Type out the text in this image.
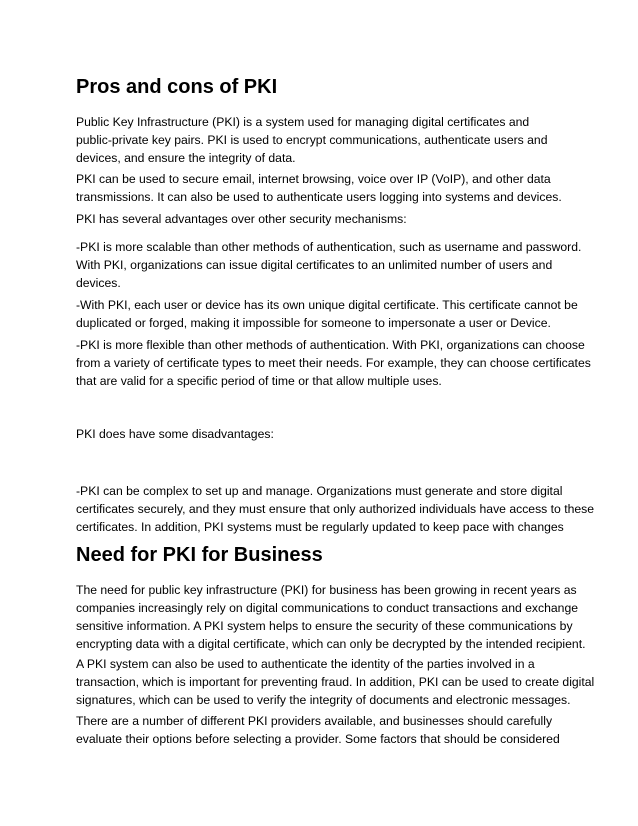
Pros and cons of PKI

Public Key Infrastructure (PKI) is a system used for managing digital certificates and
public-private key pairs. PKI is used to encrypt communications, authenticate users and
devices, and ensure the integrity of data.

PKI can be used to secure email, internet browsing, voice over IP (VoIP), and other data
transmissions. It can also be used to authenticate users logging into systems and devices.

PKI has several advantages over other security mechanisms:

-PKI is more scalable than other methods of authentication, such as username and password.
With PKI, organizations can issue digital certificates to an unlimited number of users and
devices.

-With PKI, each user or device has its own unique digital certificate. This certificate cannot be
duplicated or forged, making it impossible for someone to impersonate a user or Device.

-PKI is more flexible than other methods of authentication. With PKI, organizations can choose
from a variety of certificate types to meet their needs. For example, they can choose certificates
that are valid for a specific period of time or that allow multiple uses.

PKI does have some disadvantages:

-PKI can be complex to set up and manage. Organizations must generate and store digital
certificates securely, and they must ensure that only authorized individuals have access to these
certificates. In addition, PKI systems must be regularly updated to keep pace with changes

Need for PKI for Business

The need for public key infrastructure (PKI) for business has been growing in recent years as
companies increasingly rely on digital communications to conduct transactions and exchange
sensitive information. A PKI system helps to ensure the security of these communications by
encrypting data with a digital certificate, which can only be decrypted by the intended recipient.

A PKI system can also be used to authenticate the identity of the parties involved in a
transaction, which is important for preventing fraud. In addition, PKI can be used to create digital
signatures, which can be used to verify the integrity of documents and electronic messages.

There are a number of different PKI providers available, and businesses should carefully
evaluate their options before selecting a provider. Some factors that should be considered
